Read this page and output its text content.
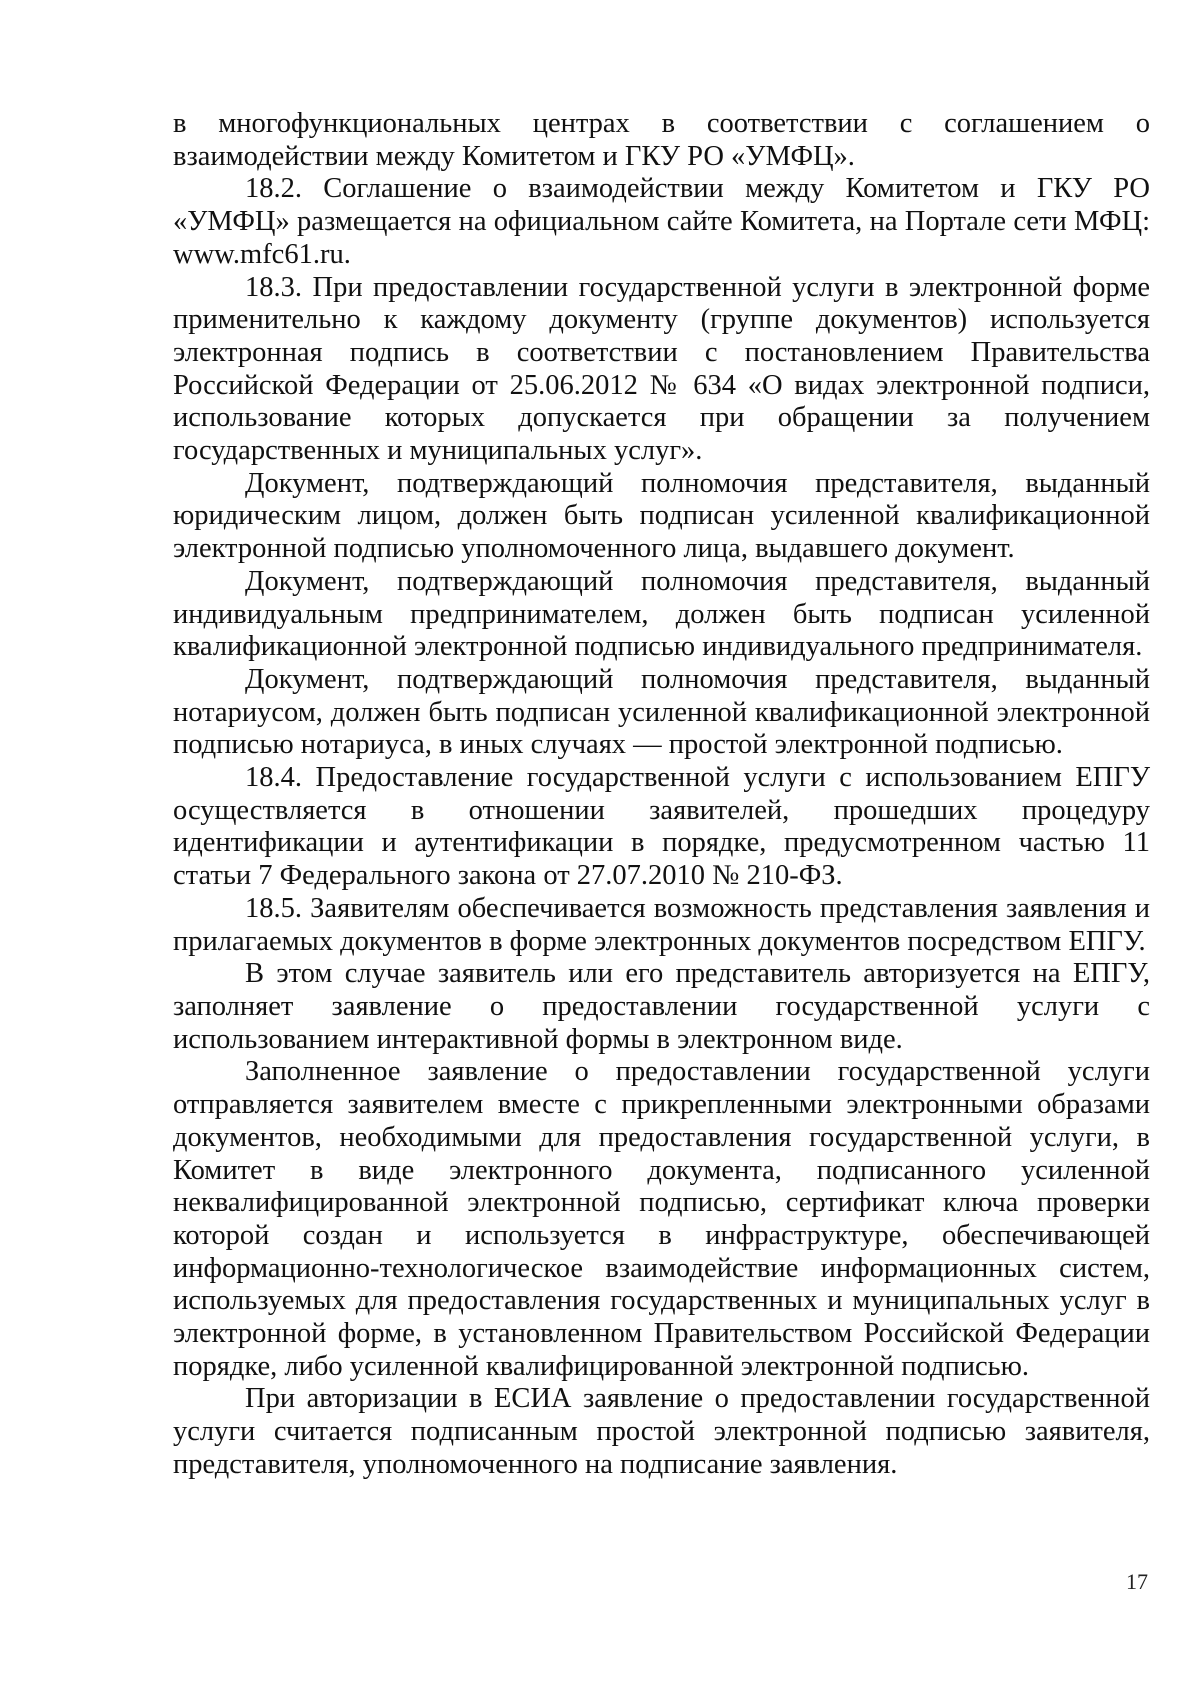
в многофункциональных центрах в соответствии с соглашением о взаимодействии между Комитетом и ГКУ РО «УМФЦ».

18.2. Соглашение о взаимодействии между Комитетом и ГКУ РО «УМФЦ» размещается на официальном сайте Комитета, на Портале сети МФЦ: www.mfc61.ru.

18.3. При предоставлении государственной услуги в электронной форме применительно к каждому документу (группе документов) используется электронная подпись в соответствии с постановлением Правительства Российской Федерации от 25.06.2012 № 634 «О видах электронной подписи, использование которых допускается при обращении за получением государственных и муниципальных услуг».

Документ, подтверждающий полномочия представителя, выданный юридическим лицом, должен быть подписан усиленной квалификационной электронной подписью уполномоченного лица, выдавшего документ.

Документ, подтверждающий полномочия представителя, выданный индивидуальным предпринимателем, должен быть подписан усиленной квалификационной электронной подписью индивидуального предпринимателя.

Документ, подтверждающий полномочия представителя, выданный нотариусом, должен быть подписан усиленной квалификационной электронной подписью нотариуса, в иных случаях — простой электронной подписью.

18.4. Предоставление государственной услуги с использованием ЕПГУ осуществляется в отношении заявителей, прошедших процедуру идентификации и аутентификации в порядке, предусмотренном частью 11 статьи 7 Федерального закона от 27.07.2010 № 210-ФЗ.

18.5. Заявителям обеспечивается возможность представления заявления и прилагаемых документов в форме электронных документов посредством ЕПГУ.

В этом случае заявитель или его представитель авторизуется на ЕПГУ, заполняет заявление о предоставлении государственной услуги с использованием интерактивной формы в электронном виде.

Заполненное заявление о предоставлении государственной услуги отправляется заявителем вместе с прикрепленными электронными образами документов, необходимыми для предоставления государственной услуги, в Комитет в виде электронного документа, подписанного усиленной неквалифицированной электронной подписью, сертификат ключа проверки которой создан и используется в инфраструктуре, обеспечивающей информационно-технологическое взаимодействие информационных систем, используемых для предоставления государственных и муниципальных услуг в электронной форме, в установленном Правительством Российской Федерации порядке, либо усиленной квалифицированной электронной подписью.

При авторизации в ЕСИА заявление о предоставлении государственной услуги считается подписанным простой электронной подписью заявителя, представителя, уполномоченного на подписание заявления.

17
